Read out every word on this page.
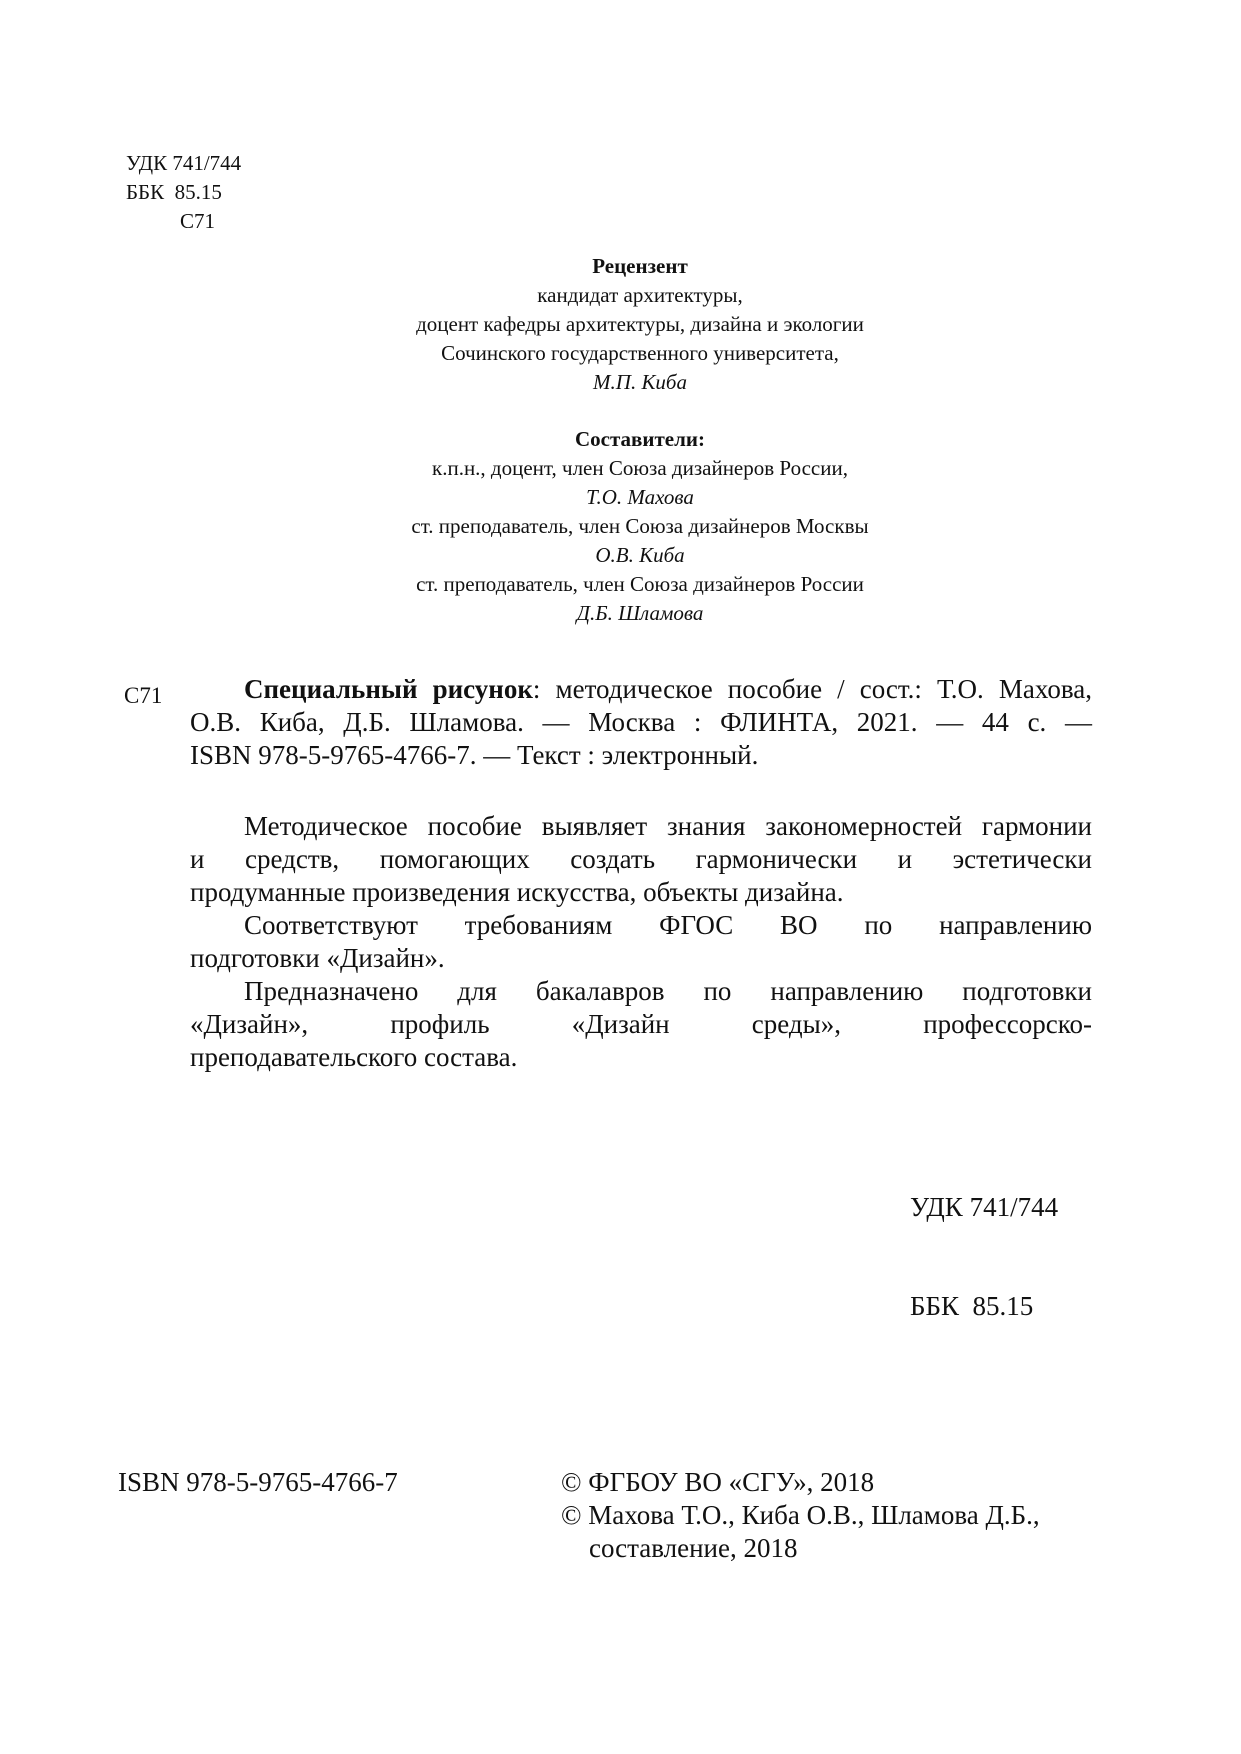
УДК 741/744
ББК  85.15
С71
Рецензент
кандидат архитектуры,
доцент кафедры архитектуры, дизайна и экологии
Сочинского государственного университета,
М.П. Киба
Составители:
к.п.н., доцент, член Союза дизайнеров России,
Т.О. Махова
ст. преподаватель, член Союза дизайнеров Москвы
О.В. Киба
ст. преподаватель, член Союза дизайнеров России
Д.Б. Шламова
С71	Специальный рисунок: методическое пособие / сост.: Т.О. Махова,
О.В. Киба, Д.Б. Шламова. — Москва : ФЛИНТА, 2021. — 44 с. —
ISBN 978-5-9765-4766-7. — Текст : электронный.

Методическое пособие выявляет знания закономерностей гармонии
и средств, помогающих создать гармонически и эстетически
продуманные произведения искусства, объекты дизайна.

Соответствуют требованиям ФГОС ВО по направлению
подготовки «Дизайн».

Предназначено для бакалавров по направлению подготовки
«Дизайн», профиль «Дизайн среды», профессорско-
преподавательского состава.

УДК 741/744

ББК  85.15

ISBN 978-5-9765-4766-7	© ФГБОУ ВО «СГУ», 2018
© Махова Т.О., Киба О.В., Шламова Д.Б.,
составление, 2018
